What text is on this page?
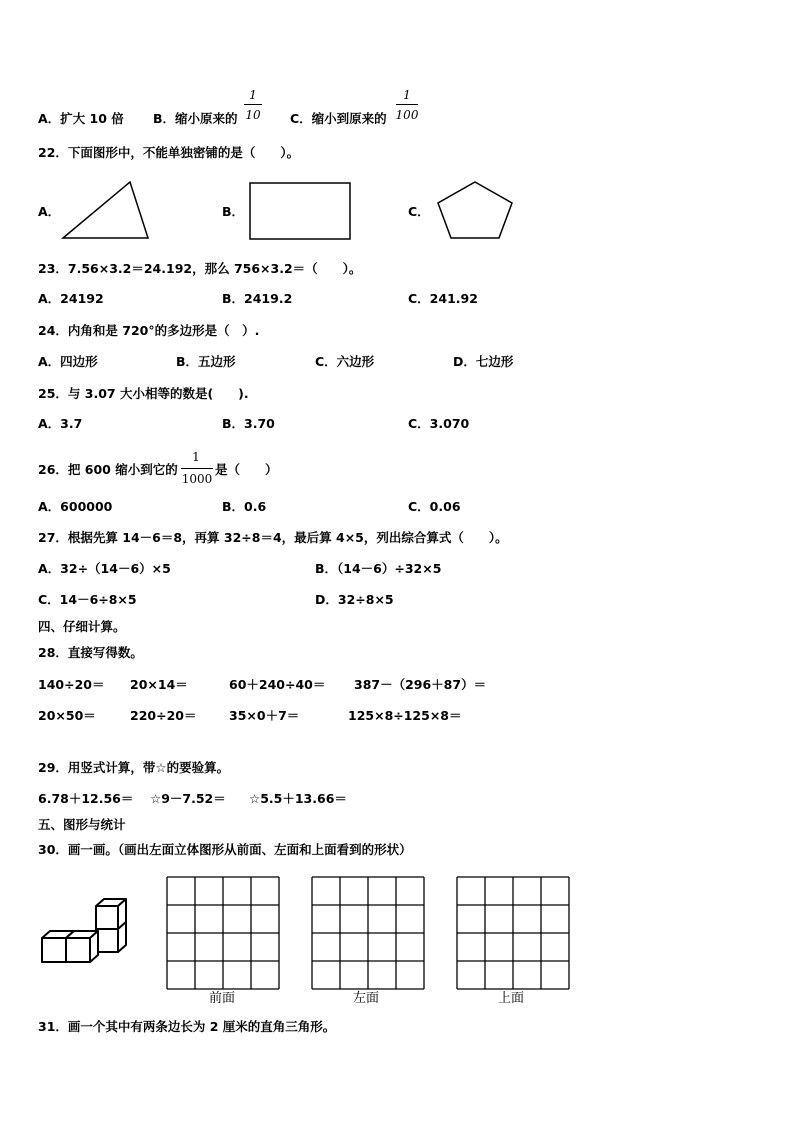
A．扩大 10 倍 B．缩小原来的
1
10 C．缩小到原来的
1
100
22．下面图形中，不能单独密铺的是（　　）。
A．	B．	C．
23．7.56×3.2＝24.192，那么 756×3.2＝（　　）。
A．24192	B．2419.2	C．241.92
24．内角和是 720°的多边形是（　）.
A．四边形	B．五边形	C．六边形	D．七边形
25．与 3.07 大小相等的数是(　　).
A．3.7	B．3.70	C．3.070
26．把 600 缩小到它的
1
1000
是（　　）
A．600000	B．0.6	C．0.06
27．根据先算 14－6＝8，再算 32÷8＝4，最后算 4×5，列出综合算式（　　）。
A．32÷（14－6）×5	B．（14－6）÷32×5
C．14－6÷8×5	D．32÷8×5
四、仔细计算。
28．直接写得数。
140÷20＝ 20×14＝	60＋240÷40＝ 387－（296＋87）＝
20×50＝	220÷20＝	35×0＋7＝	125×8÷125×8＝
29．用竖式计算，带☆的要验算。
6.78＋12.56＝ ☆9－7.52＝ ☆5.5＋13.66＝
五、图形与统计
30．画一画。（画出左面立体图形从前面、左面和上面看到的形状）
前面	左面	上面
31．画一个其中有两条边长为 2 厘米的直角三角形。
